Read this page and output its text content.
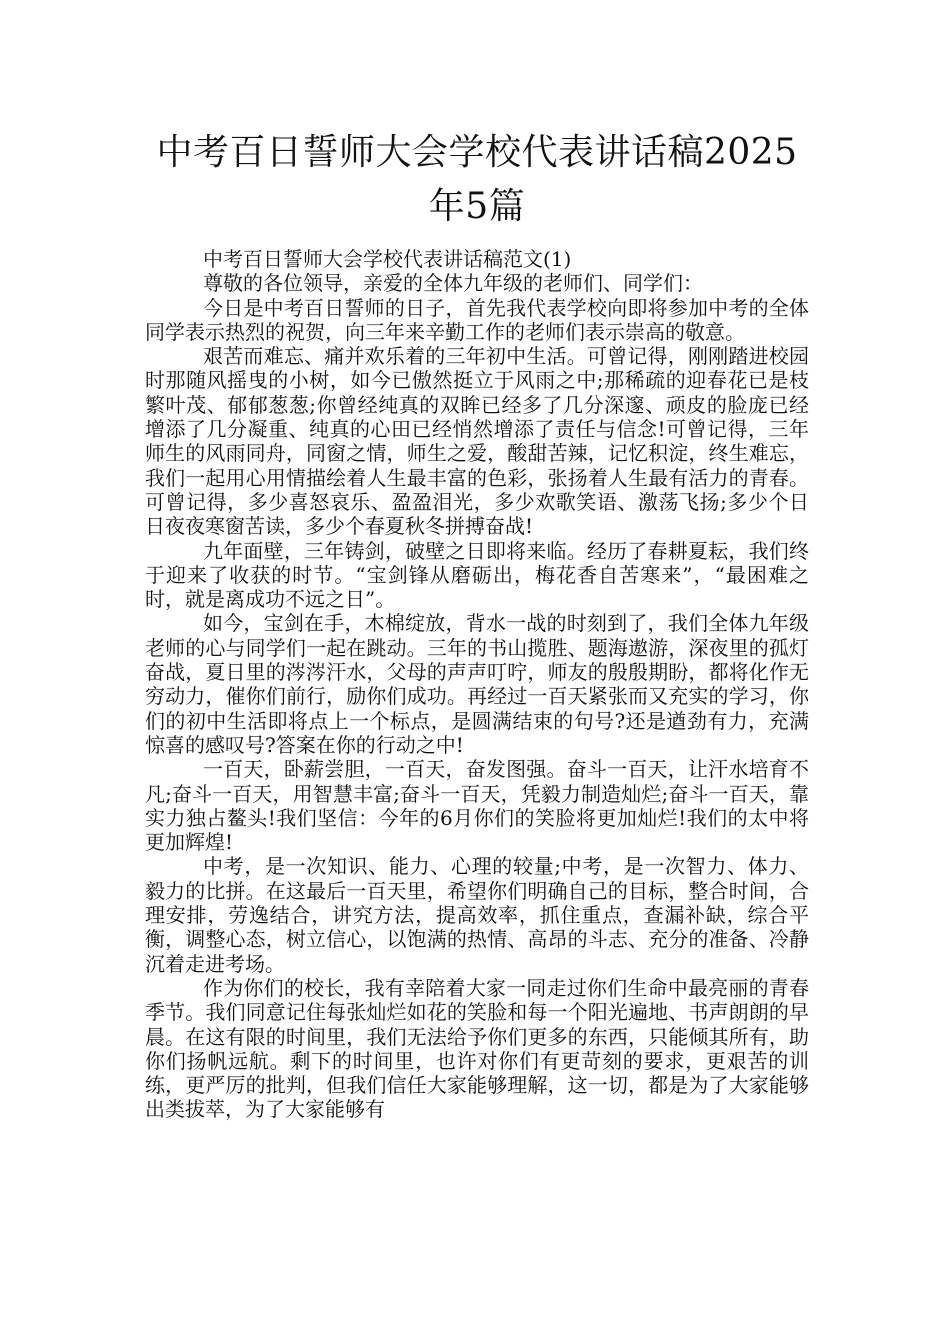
中考百日誓师大会学校代表讲话稿2025年5篇

中考百日誓师大会学校代表讲话稿范文(1)

尊敬的各位领导，亲爱的全体九年级的老师们、同学们：

今日是中考百日誓师的日子，首先我代表学校向即将参加中考的全体同学表示热烈的祝贺，向三年来辛勤工作的老师们表示崇高的敬意。

艰苦而难忘、痛并欢乐着的三年初中生活。可曾记得，刚刚踏进校园时那随风摇曳的小树，如今已傲然挺立于风雨之中;那稀疏的迎春花已是枝繁叶茂、郁郁葱葱;你曾经纯真的双眸已经多了几分深邃、顽皮的脸庞已经增添了几分凝重、纯真的心田已经悄然增添了责任与信念!可曾记得，三年师生的风雨同舟，同窗之情，师生之爱，酸甜苦辣，记忆积淀，终生难忘，我们一起用心用情描绘着人生最丰富的色彩，张扬着人生最有活力的青春。可曾记得，多少喜怒哀乐、盈盈泪光，多少欢歌笑语、激荡飞扬;多少个日日夜夜寒窗苦读，多少个春夏秋冬拼搏奋战!

九年面壁，三年铸剑，破壁之日即将来临。经历了春耕夏耘，我们终于迎来了收获的时节。“宝剑锋从磨砺出，梅花香自苦寒来”，“最困难之时，就是离成功不远之日”。

如今，宝剑在手，木棉绽放，背水一战的时刻到了，我们全体九年级老师的心与同学们一起在跳动。三年的书山揽胜、题海遨游，深夜里的孤灯奋战，夏日里的涔涔汗水，父母的声声叮咛，师友的殷殷期盼，都将化作无穷动力，催你们前行，励你们成功。再经过一百天紧张而又充实的学习，你们的初中生活即将点上一个标点，是圆满结束的句号?还是遒劲有力，充满惊喜的感叹号?答案在你的行动之中!

一百天，卧薪尝胆，一百天，奋发图强。奋斗一百天，让汗水培育不凡;奋斗一百天，用智慧丰富;奋斗一百天，凭毅力制造灿烂;奋斗一百天，靠实力独占鳌头!我们坚信：今年的6月你们的笑脸将更加灿烂!我们的太中将更加辉煌!

中考，是一次知识、能力、心理的较量;中考，是一次智力、体力、毅力的比拼。在这最后一百天里，希望你们明确自己的目标，整合时间，合理安排，劳逸结合，讲究方法，提高效率，抓住重点，查漏补缺，综合平衡，调整心态，树立信心，以饱满的热情、高昂的斗志、充分的准备、冷静沉着走进考场。

作为你们的校长，我有幸陪着大家一同走过你们生命中最亮丽的青春季节。我们同意记住每张灿烂如花的笑脸和每一个阳光遍地、书声朗朗的早晨。在这有限的时间里，我们无法给予你们更多的东西，只能倾其所有，助你们扬帆远航。剩下的时间里，也许对你们有更苛刻的要求，更艰苦的训练，更严厉的批判，但我们信任大家能够理解，这一切，都是为了大家能够出类拔萃，为了大家能够有
